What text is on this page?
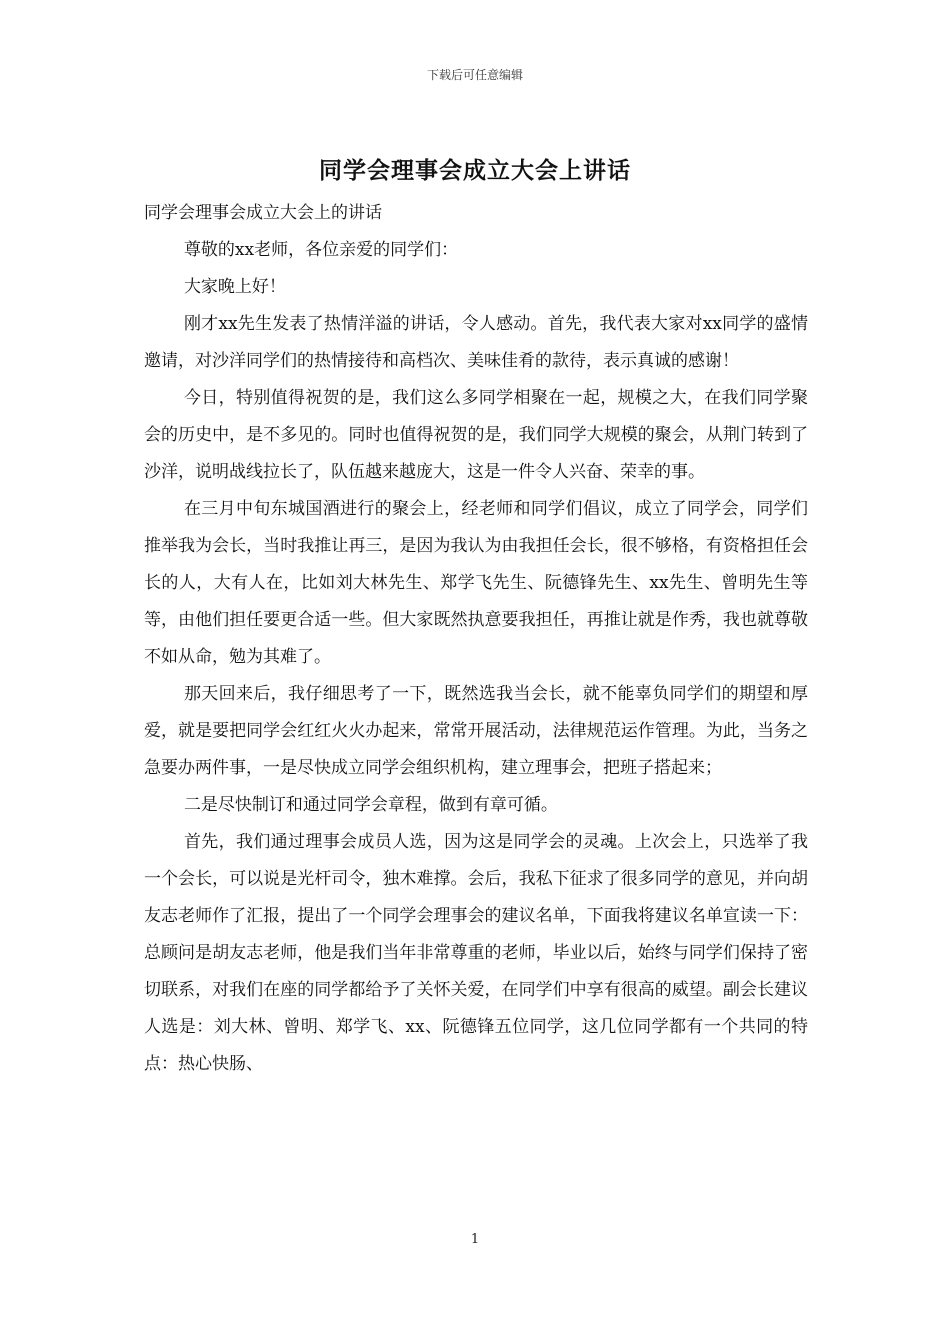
下载后可任意编辑
同学会理事会成立大会上讲话

同学会理事会成立大会上的讲话

尊敬的xx老师，各位亲爱的同学们：

大家晚上好！

刚才xx先生发表了热情洋溢的讲话，令人感动。首先，我代表大家对xx同学的盛情邀请，对沙洋同学们的热情接待和高档次、美味佳肴的款待，表示真诚的感谢！

今日，特别值得祝贺的是，我们这么多同学相聚在一起，规模之大，在我们同学聚会的历史中，是不多见的。同时也值得祝贺的是，我们同学大规模的聚会，从荆门转到了沙洋，说明战线拉长了，队伍越来越庞大，这是一件令人兴奋、荣幸的事。

在三月中旬东城国酒进行的聚会上，经老师和同学们倡议，成立了同学会，同学们推举我为会长，当时我推让再三，是因为我认为由我担任会长，很不够格，有资格担任会长的人，大有人在，比如刘大林先生、郑学飞先生、阮德锋先生、xx先生、曾明先生等等，由他们担任要更合适一些。但大家既然执意要我担任，再推让就是作秀，我也就尊敬不如从命，勉为其难了。

那天回来后，我仔细思考了一下，既然选我当会长，就不能辜负同学们的期望和厚爱，就是要把同学会红红火火办起来，常常开展活动，法律规范运作管理。为此，当务之急要办两件事，一是尽快成立同学会组织机构，建立理事会，把班子搭起来；

二是尽快制订和通过同学会章程，做到有章可循。

首先，我们通过理事会成员人选，因为这是同学会的灵魂。上次会上，只选举了我一个会长，可以说是光杆司令，独木难撑。会后，我私下征求了很多同学的意见，并向胡友志老师作了汇报，提出了一个同学会理事会的建议名单，下面我将建议名单宣读一下：总顾问是胡友志老师，他是我们当年非常尊重的老师，毕业以后，始终与同学们保持了密切联系，对我们在座的同学都给予了关怀关爱，在同学们中享有很高的威望。副会长建议人选是：刘大林、曾明、郑学飞、xx、阮德锋五位同学，这几位同学都有一个共同的特点：热心快肠、

1
